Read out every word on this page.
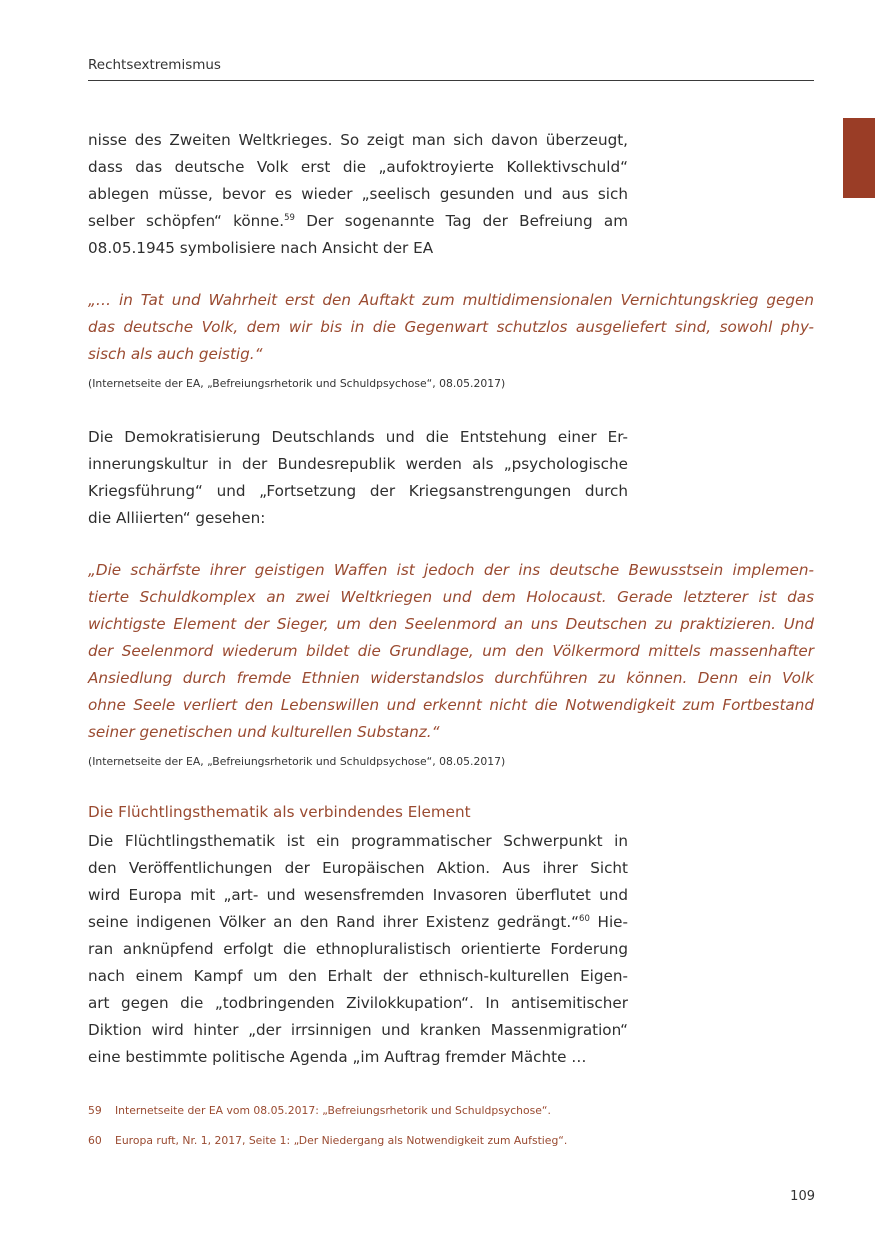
Rechtsextremismus
nisse des Zweiten Weltkrieges. So zeigt man sich davon überzeugt,
dass das deutsche Volk erst die „aufoktroyierte Kollektivschuld“
ablegen müsse, bevor es wieder „seelisch gesunden und aus sich
selber schöpfen“ könne.$^{59}$ Der sogenannte Tag der Befreiung am
08.05.1945 symbolisiere nach Ansicht der EA
„… in Tat und Wahrheit erst den Auftakt zum multidimensionalen Vernichtungskrieg gegen
das deutsche Volk, dem wir bis in die Gegenwart schutzlos ausgeliefert sind, sowohl phy-
sisch als auch geistig.“
(Internetseite der EA, „Befreiungsrhetorik und Schuldpsychose“, 08.05.2017)
Die Demokratisierung Deutschlands und die Entstehung einer Er-
innerungskultur in der Bundesrepublik werden als „psychologische
Kriegsführung“ und „Fortsetzung der Kriegsanstrengungen durch
die Alliierten“ gesehen:
„Die schärfste ihrer geistigen Waffen ist jedoch der ins deutsche Bewusstsein implemen-
tierte Schuldkomplex an zwei Weltkriegen und dem Holocaust. Gerade letzterer ist das
wichtigste Element der Sieger, um den Seelenmord an uns Deutschen zu praktizieren. Und
der Seelenmord wiederum bildet die Grundlage, um den Völkermord mittels massenhafter
Ansiedlung durch fremde Ethnien widerstandslos durchführen zu können. Denn ein Volk
ohne Seele verliert den Lebenswillen und erkennt nicht die Notwendigkeit zum Fortbestand
seiner genetischen und kulturellen Substanz.“
(Internetseite der EA, „Befreiungsrhetorik und Schuldpsychose“, 08.05.2017)
Die Flüchtlingsthematik als verbindendes Element
Die Flüchtlingsthematik ist ein programmatischer Schwerpunkt in
den Veröffentlichungen der Europäischen Aktion. Aus ihrer Sicht
wird Europa mit „art- und wesensfremden Invasoren überflutet und
seine indigenen Völker an den Rand ihrer Existenz gedrängt.“$^{60}$ Hie-
ran anknüpfend erfolgt die ethnopluralistisch orientierte Forderung
nach einem Kampf um den Erhalt der ethnisch-kulturellen Eigen-
art gegen die „todbringenden Zivilokkupation“. In antisemitischer
Diktion wird hinter „der irrsinnigen und kranken Massenmigration“
eine bestimmte politische Agenda „im Auftrag fremder Mächte …
59 Internetseite der EA vom 08.05.2017: „Befreiungsrhetorik und Schuldpsychose“.
60 Europa ruft, Nr. 1, 2017, Seite 1: „Der Niedergang als Notwendigkeit zum Aufstieg“.
109
